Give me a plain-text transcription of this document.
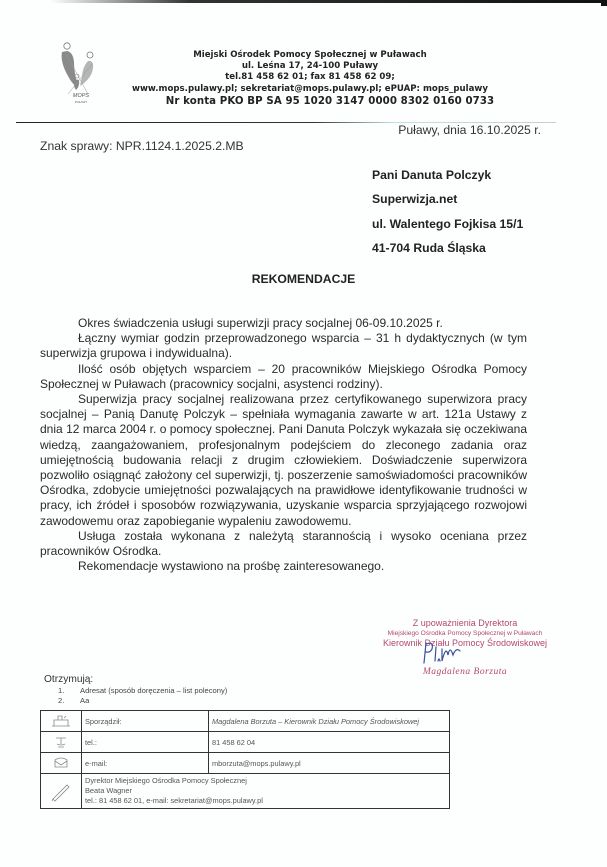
MOPS
PUŁAWY
Miejski Ośrodek Pomocy Społecznej w Puławach
ul. Leśna 17, 24-100 Puławy
tel.81 458 62 01; fax 81 458 62 09;
www.mops.pulawy.pl; sekretariat@mops.pulawy.pl; ePUAP: mops_pulawy
Nr konta PKO BP SA 95 1020 3147 0000 8302 0160 0733
Puławy, dnia 16.10.2025 r.
Znak sprawy: NPR.1124.1.2025.2.MB
Pani Danuta Polczyk
Superwizja.net
ul. Walentego Fojkisa 15/1
41-704 Ruda Śląska
REKOMENDACJE

Okres świadczenia usługi superwizji pracy socjalnej 06-09.10.2025 r.

Łączny wymiar godzin przeprowadzonego wsparcia – 31 h dydaktycznych (w tym superwizja grupowa i indywidualna).

Ilość osób objętych wsparciem – 20 pracowników Miejskiego Ośrodka Pomocy Społecznej w Puławach (pracownicy socjalni, asystenci rodziny).

Superwizja pracy socjalnej realizowana przez certyfikowanego superwizora pracy socjalnej – Panią Danutę Polczyk – spełniała wymagania zawarte w art. 121a Ustawy z dnia 12 marca 2004 r. o pomocy społecznej. Pani Danuta Polczyk wykazała się oczekiwana wiedzą, zaangażowaniem, profesjonalnym podejściem do zleconego zadania oraz umiejętnością budowania relacji z drugim człowiekiem. Doświadczenie superwizora pozwoliło osiągnąć założony cel superwizji, tj. poszerzenie samoświadomości pracowników Ośrodka, zdobycie umiejętności pozwalających na prawidłowe identyfikowanie trudności w pracy, ich źródeł i sposobów rozwiązywania, uzyskanie wsparcia sprzyjającego rozwojowi zawodowemu oraz zapobieganie wypaleniu zawodowemu.

Usługa została wykonana z należytą starannością i wysoko oceniana przez pracowników Ośrodka.

Rekomendacje wystawiono na prośbę zainteresowanego.

Z upoważnienia Dyrektora
Miejskiego Ośrodka Pomocy Społecznej w Puławach
Kierownik Działu Pomocy Środowiskowej
Magdalena Borzuta
Otrzymują:
1. Adresat (sposób doręczenia – list polecony)
2. Aa
	Sporządził:	Magdalena Borzuta – Kierownik Działu Pomocy Środowiskowej

	tel.:	81 458 62 04

	e-mail:	mborzuta@mops.pulawy.pl

Dyrektor Miejskiego Ośrodka Pomocy Społecznej
Beata Wagner
tel.: 81 458 62 01, e-mail: sekretariat@mops.pulawy.pl	
